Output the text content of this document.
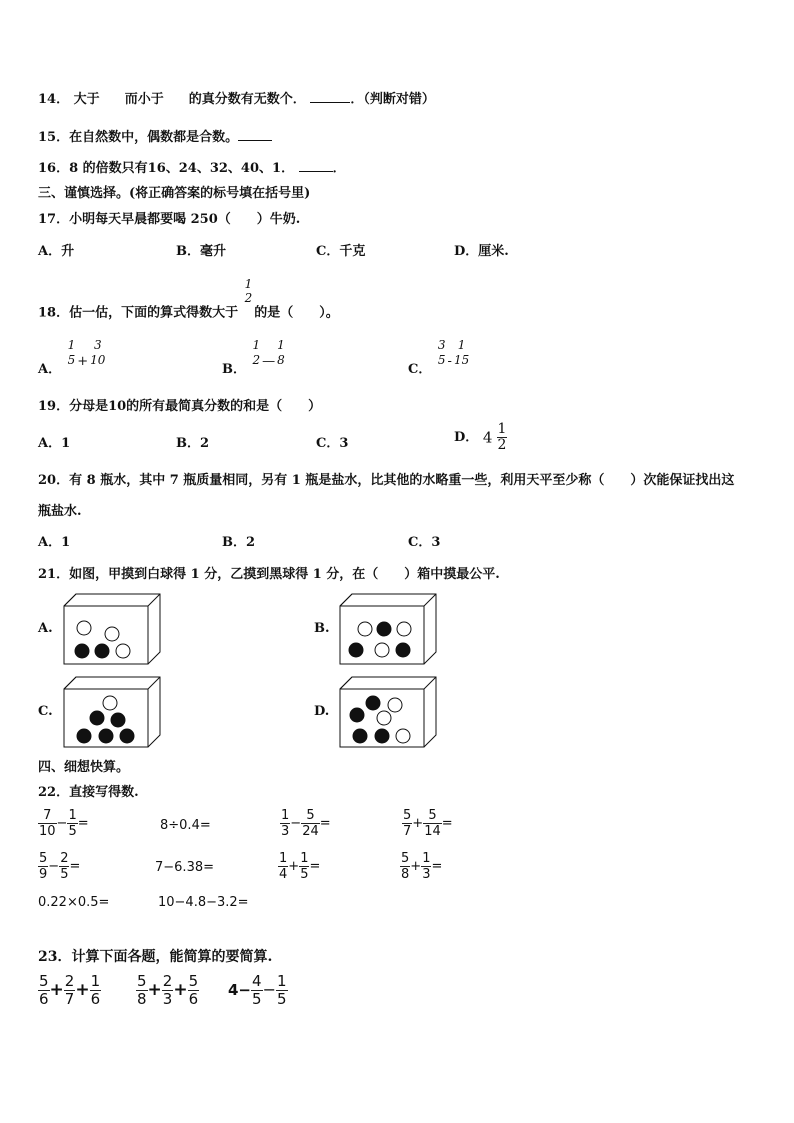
14． 大于 而小于 的真分数有无数个．	．（判断对错）
15．在自然数中，偶数都是合数。
16．8 的倍数只有16、24、32、40、1．	．
三、谨慎选择。(将正确答案的标号填在括号里)
17．小明每天早晨都要喝 250（　　）牛奶.
A．升	B．毫升	C．千克	D．厘米.
18．估一估，下面的算式得数大于
1
2
的是（　　）。
A．
1
5 +
3
10
B．
1
2 —
1
8
C．
3
5 -
1
15
19．分母是10的所有最简真分数的和是（　　）
A．1	B．2	C．3	D． $4 \frac{1}{2}$
20．有 8 瓶水，其中 7 瓶质量相同，另有 1 瓶是盐水，比其他的水略重一些，利用天平至少称（　　）次能保证找出这
瓶盐水.
A．1	B．2	C．3
21．如图，甲摸到白球得 1 分，乙摸到黑球得 1 分，在（　　）箱中摸最公平.
A.	B.
C.	D.
四、细想快算。
22．直接写得数.
$\frac{7}{10} - \frac{1}{5}$ =	8÷0.4=	$\frac{1}{3} - \frac{5}{24}$ =	$\frac{5}{7} + \frac{5}{14}$ =
$\frac{5}{9} - \frac{2}{5}$ =	7−6.38=	$\frac{1}{4} + \frac{1}{5}$ =	$\frac{5}{8} + \frac{1}{3}$ =
0.22×0.5=	10−4.8−3.2=
23．计算下面各题，能简算的要简算.
$\frac{5}{6} + \frac{2}{7} + \frac{1}{6} \frac{5}{8} + \frac{2}{3} + \frac{5}{6} 4- \frac{4}{5} - \frac{1}{5}$
